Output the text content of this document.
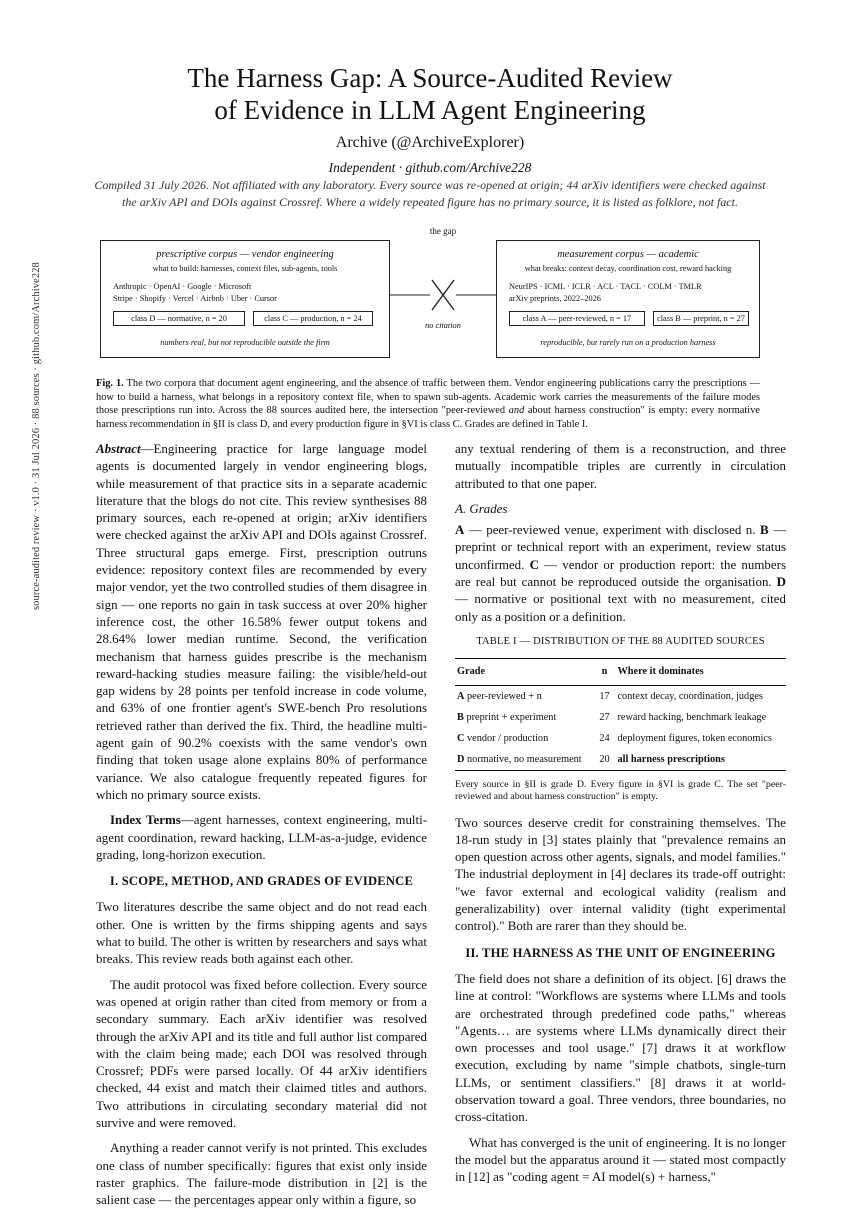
source-audited review · v1.0 · 31 Jul 2026 · 88 sources · github.com/Archive228
The Harness Gap: A Source-Audited Review
of Evidence in LLM Agent Engineering
Archive (@ArchiveExplorer)
Independent · github.com/Archive228
Compiled 31 July 2026. Not affiliated with any laboratory. Every source was re-opened at origin; 44 arXiv identifiers were checked against the arXiv API and DOIs against Crossref. Where a widely repeated figure has no primary source, it is listed as folklore, not fact.
the gap
prescriptive corpus — vendor engineering
what to build: harnesses, context files, sub-agents, tools
Anthropic · OpenAI · Google · Microsoft
Stripe · Shopify · Vercel · Airbnb · Uber · Cursor
class D — normative, n = 20	class C — production, n = 24
numbers real, but not reproducible outside the firm
no citation
measurement corpus — academic
what breaks: context decay, coordination cost, reward hacking
NeurIPS · ICML · ICLR · ACL · TACL · COLM · TMLR
arXiv preprints, 2022–2026
class A — peer-reviewed, n = 17	class B — preprint, n = 27
reproducible, but rarely run on a production harness
Fig. 1. The two corpora that document agent engineering, and the absence of traffic between them. Vendor engineering publications carry the prescriptions — how to build a harness, what belongs in a repository context file, when to spawn sub-agents. Academic work carries the measurements of the failure modes those prescriptions run into. Across the 88 sources audited here, the intersection "peer-reviewed and about harness construction" is empty: every normative harness recommendation in §II is class D, and every production figure in §VI is class C. Grades are defined in Table I.

Abstract—Engineering practice for large language model agents is documented largely in vendor engineering blogs, while measurement of that practice sits in a separate academic literature that the blogs do not cite. This review synthesises 88 primary sources, each re-opened at origin; arXiv identifiers were checked against the arXiv API and DOIs against Crossref. Three structural gaps emerge. First, prescription outruns evidence: repository context files are recommended by every major vendor, yet the two controlled studies of them disagree in sign — one reports no gain in task success at over 20% higher inference cost, the other 16.58% fewer output tokens and 28.64% lower median runtime. Second, the verification mechanism that harness guides prescribe is the mechanism reward-hacking studies measure failing: the visible/held-out gap widens by 28 points per tenfold increase in code volume, and 63% of one frontier agent's SWE-bench Pro resolutions retrieved rather than derived the fix. Third, the headline multi-agent gain of 90.2% coexists with the same vendor's own finding that token usage alone explains 80% of performance variance. We also catalogue frequently repeated figures for which no primary source exists.

Index Terms—agent harnesses, context engineering, multi-agent coordination, reward hacking, LLM-as-a-judge, evidence grading, long-horizon execution.

I. SCOPE, METHOD, AND GRADES OF EVIDENCE

Two literatures describe the same object and do not read each other. One is written by the firms shipping agents and says what to build. The other is written by researchers and says what breaks. This review reads both against each other.

The audit protocol was fixed before collection. Every source was opened at origin rather than cited from memory or from a secondary summary. Each arXiv identifier was resolved through the arXiv API and its title and full author list compared with the claim being made; each DOI was resolved through Crossref; PDFs were parsed locally. Of 44 arXiv identifiers checked, 44 exist and match their claimed titles and authors. Two attributions in circulating secondary material did not survive and were removed.

Anything a reader cannot verify is not printed. This excludes one class of number specifically: figures that exist only inside raster graphics. The failure-mode distribution in [2] is the salient case — the percentages appear only within a figure, so

any textual rendering of them is a reconstruction, and three mutually incompatible triples are currently in circulation attributed to that one paper.

A. Grades

A — peer-reviewed venue, experiment with disclosed n. B — preprint or technical report with an experiment, review status unconfirmed. C — vendor or production report: the numbers are real but cannot be reproduced outside the organisation. D — normative or positional text with no measurement, cited only as a position or a definition.

TABLE I — DISTRIBUTION OF THE 88 AUDITED SOURCES
Grade	n	Where it dominates
A peer-reviewed + n	17	context decay, coordination, judges
B preprint + experiment	27	reward hacking, benchmark leakage
C vendor / production	24	deployment figures, token economics
D normative, no measurement	20	all harness prescriptions
Every source in §II is grade D. Every figure in §VI is grade C. The set "peer-reviewed and about harness construction" is empty.

Two sources deserve credit for constraining themselves. The 18-run study in [3] states plainly that "prevalence remains an open question across other agents, signals, and model families." The industrial deployment in [4] declares its trade-off outright: "we favor external and ecological validity (realism and generalizability) over internal validity (tight experimental control)." Both are rarer than they should be.

II. THE HARNESS AS THE UNIT OF ENGINEERING

The field does not share a definition of its object. [6] draws the line at control: "Workflows are systems where LLMs and tools are orchestrated through predefined code paths," whereas "Agents… are systems where LLMs dynamically direct their own processes and tool usage." [7] draws it at workflow execution, excluding by name "simple chatbots, single-turn LLMs, or sentiment classifiers." [8] draws it at world-observation toward a goal. Three vendors, three boundaries, no cross-citation.

What has converged is the unit of engineering. It is no longer the model but the apparatus around it — stated most compactly in [12] as "coding agent = AI model(s) + harness,"
